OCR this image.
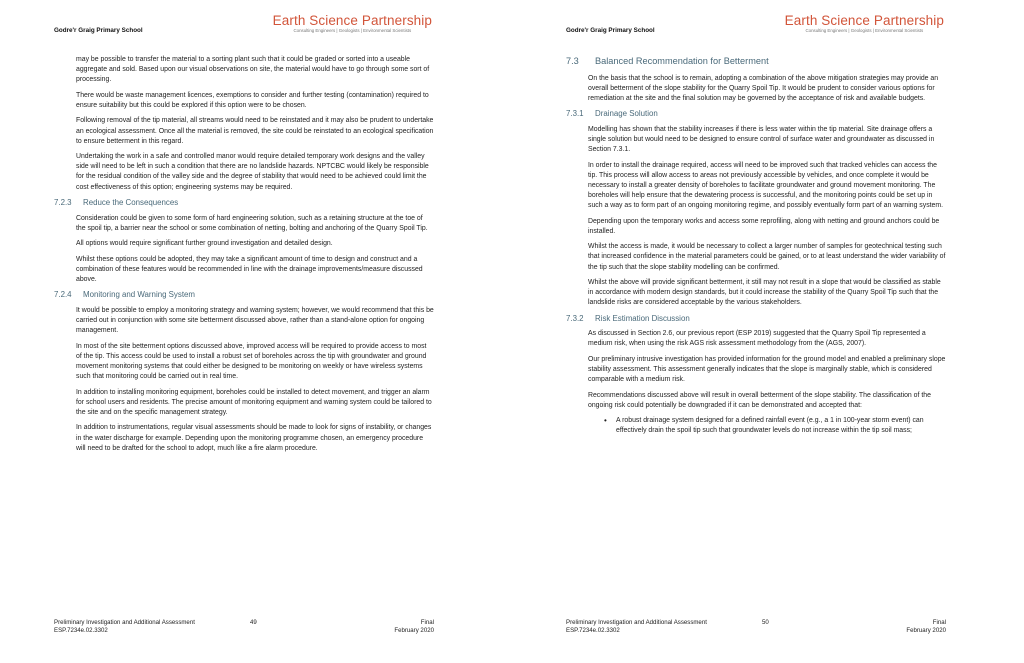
Godre'r Graig Primary School
Earth Science Partnership
Consulting Engineers | Geologists | Environmental Scientists

may be possible to transfer the material to a sorting plant such that it could be graded or sorted into a useable aggregate and sold. Based upon our visual observations on site, the material would have to go through some sort of processing.

There would be waste management licences, exemptions to consider and further testing (contamination) required to ensure suitability but this could be explored if this option were to be chosen.

Following removal of the tip material, all streams would need to be reinstated and it may also be prudent to undertake an ecological assessment. Once all the material is removed, the site could be reinstated to an ecological specification to ensure betterment in this regard.

Undertaking the work in a safe and controlled manor would require detailed temporary work designs and the valley side will need to be left in such a condition that there are no landslide hazards. NPTCBC would likely be responsible for the residual condition of the valley side and the degree of stability that would need to be achieved could limit the cost effectiveness of this option; engineering systems may be required.

7.2.3 Reduce the Consequences

Consideration could be given to some form of hard engineering solution, such as a retaining structure at the toe of the spoil tip, a barrier near the school or some combination of netting, bolting and anchoring of the Quarry Spoil Tip.

All options would require significant further ground investigation and detailed design.

Whilst these options could be adopted, they may take a significant amount of time to design and construct and a combination of these features would be recommended in line with the drainage improvements/measure discussed above.

7.2.4 Monitoring and Warning System

It would be possible to employ a monitoring strategy and warning system; however, we would recommend that this be carried out in conjunction with some site betterment discussed above, rather than a stand-alone option for ongoing management.

In most of the site betterment options discussed above, improved access will be required to provide access to most of the tip. This access could be used to install a robust set of boreholes across the tip with groundwater and ground movement monitoring systems that could either be designed to be monitoring on weekly or have wireless systems such that monitoring could be carried out in real time.

In addition to installing monitoring equipment, boreholes could be installed to detect movement, and trigger an alarm for school users and residents. The precise amount of monitoring equipment and warning system could be tailored to the site and on the specific management strategy.

In addition to instrumentations, regular visual assessments should be made to look for signs of instability, or changes in the water discharge for example. Depending upon the monitoring programme chosen, an emergency procedure will need to be drafted for the school to adopt, much like a fire alarm procedure.

Preliminary Investigation and Additional Assessment
ESP.7234e.02.3302
49	Final
February 2020
Godre'r Graig Primary School
Earth Science Partnership
Consulting Engineers | Geologists | Environmental Scientists
7.3 Balanced Recommendation for Betterment

On the basis that the school is to remain, adopting a combination of the above mitigation strategies may provide an overall betterment of the slope stability for the Quarry Spoil Tip. It would be prudent to consider various options for remediation at the site and the final solution may be governed by the acceptance of risk and available budgets.

7.3.1 Drainage Solution

Modelling has shown that the stability increases if there is less water within the tip material. Site drainage offers a single solution but would need to be designed to ensure control of surface water and groundwater as discussed in Section 7.3.1.

In order to install the drainage required, access will need to be improved such that tracked vehicles can access the tip. This process will allow access to areas not previously accessible by vehicles, and once complete it would be necessary to install a greater density of boreholes to facilitate groundwater and ground movement monitoring. The boreholes will help ensure that the dewatering process is successful, and the monitoring points could be set up in such a way as to form part of an ongoing monitoring regime, and possibly eventually form part of an warning system.

Depending upon the temporary works and access some reprofiling, along with netting and ground anchors could be installed.

Whilst the access is made, it would be necessary to collect a larger number of samples for geotechnical testing such that increased confidence in the material parameters could be gained, or to at least understand the wider variability of the tip such that the slope stability modelling can be confirmed.

Whilst the above will provide significant betterment, it still may not result in a slope that would be classified as stable in accordance with modern design standards, but it could increase the stability of the Quarry Spoil Tip such that the landslide risks are considered acceptable by the various stakeholders.

7.3.2 Risk Estimation Discussion

As discussed in Section 2.6, our previous report (ESP 2019) suggested that the Quarry Spoil Tip represented a medium risk, when using the risk AGS risk assessment methodology from the (AGS, 2007).

Our preliminary intrusive investigation has provided information for the ground model and enabled a preliminary slope stability assessment. This assessment generally indicates that the slope is marginally stable, which is considered comparable with a medium risk.

Recommendations discussed above will result in overall betterment of the slope stability. The classification of the ongoing risk could potentially be downgraded if it can be demonstrated and accepted that:

• A robust drainage system designed for a defined rainfall event (e.g., a 1 in 100-year storm event) can effectively drain the spoil tip such that groundwater levels do not increase within the tip soil mass;
Preliminary Investigation and Additional Assessment
ESP.7234e.02.3302
50	Final
February 2020
